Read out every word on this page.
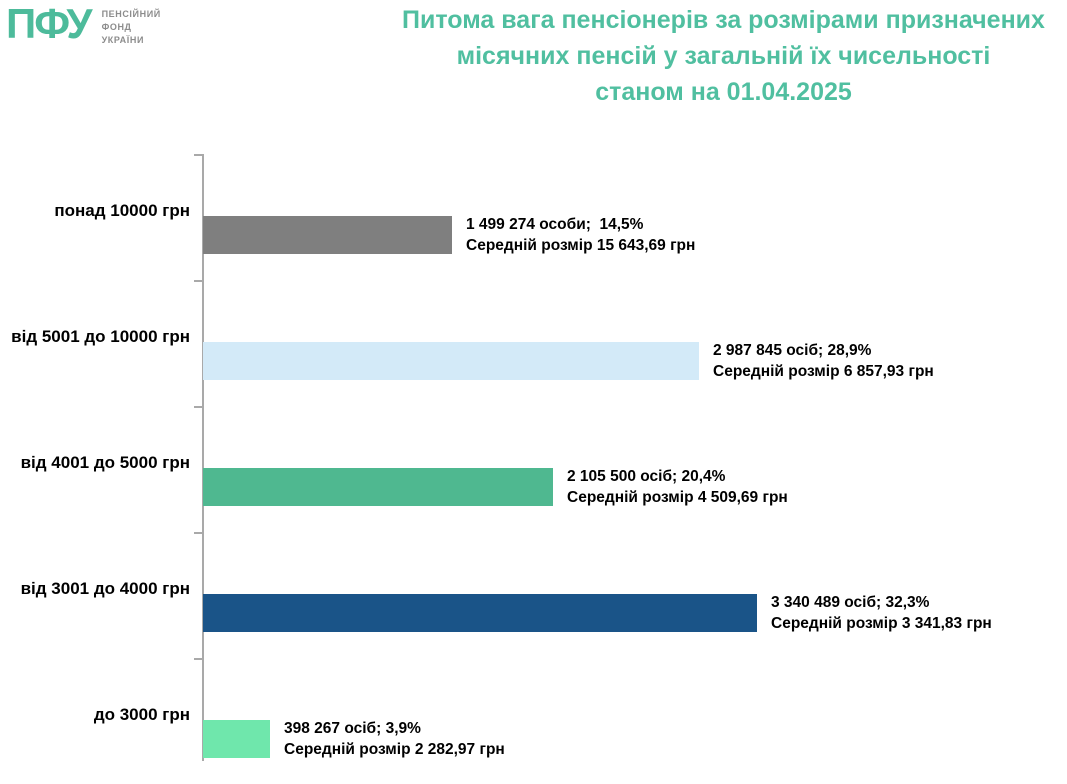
ПФУ ПЕНСІЙНИЙ
ФОНД
УКРАЇНИ
Питома вага пенсіонерів за розмірами призначених
місячних пенсій у загальній їх чисельності
станом на 01.04.2025
понад 10000 грн
1 499 274 особи;  14,5%
Середній розмір 15 643,69 грн
від 5001 до 10000 грн
2 987 845 осіб; 28,9%
Середній розмір 6 857,93 грн
від 4001 до 5000 грн
2 105 500 осіб; 20,4%
Середній розмір 4 509,69 грн
від 3001 до 4000 грн
3 340 489 осіб; 32,3%
Середній розмір 3 341,83 грн
до 3000 грн
398 267 осіб; 3,9%
Середній розмір 2 282,97 грн
